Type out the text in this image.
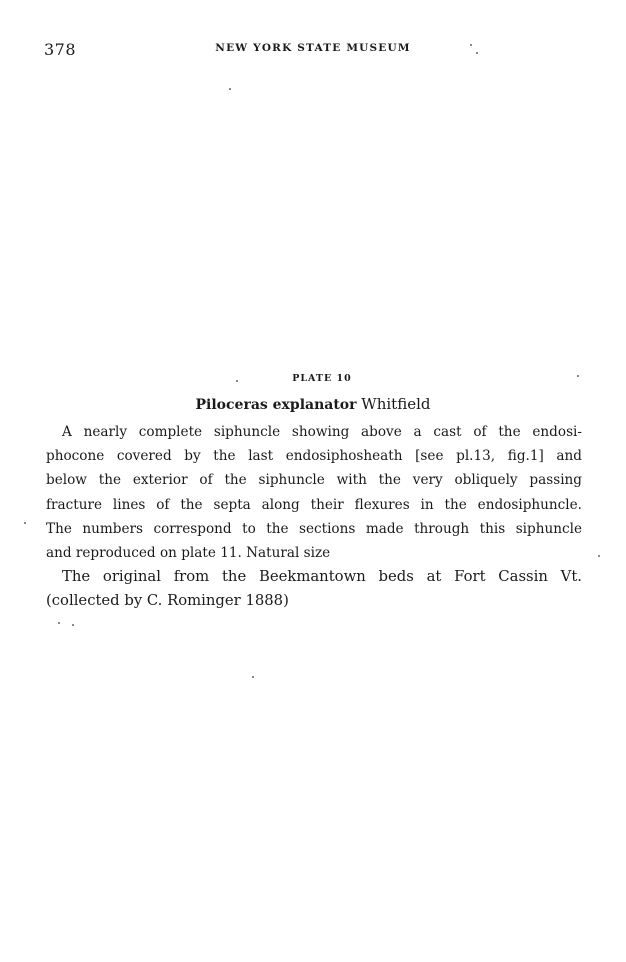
378	NEW YORK STATE MUSEUM
PLATE 10
Piloceras explanator Whitfield
A nearly complete siphuncle showing above a cast of the endosi-
phocone covered by the last endosiphosheath [see pl.13, fig.1] and
below the exterior of the siphuncle with the very obliquely passing
fracture lines of the septa along their flexures in the endosiphuncle.
The numbers correspond to the sections made through this siphuncle
and reproduced on plate 11. Natural size
The original from the Beekmantown beds at Fort Cassin Vt.
(collected by C. Rominger 1888)
